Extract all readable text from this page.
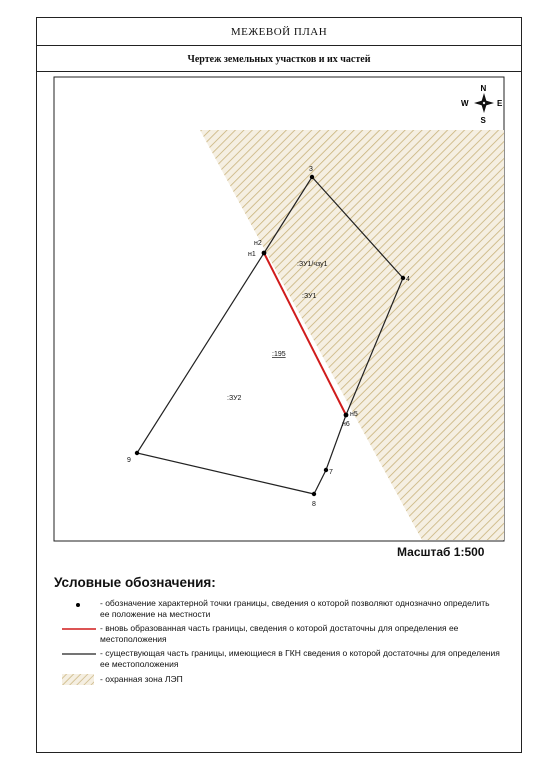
МЕЖЕВОЙ ПЛАН
Чертеж земельных участков и их частей
3
н2
н1
4
н5
н6
7
8
9
:ЗУ1/чзу1
:ЗУ1
:195
:ЗУ2
N
S
W	E
Масштаб 1:500
Условные обозначения:
- обозначение характерной точки границы, сведения о которой позволяют однозначно определить ее положение на местности
- вновь образованная часть границы, сведения о которой достаточны для определения ее местоположения
- существующая часть границы, имеющиеся в ГКН сведения о которой достаточны для определения ее местоположения
- охранная зона ЛЭП
